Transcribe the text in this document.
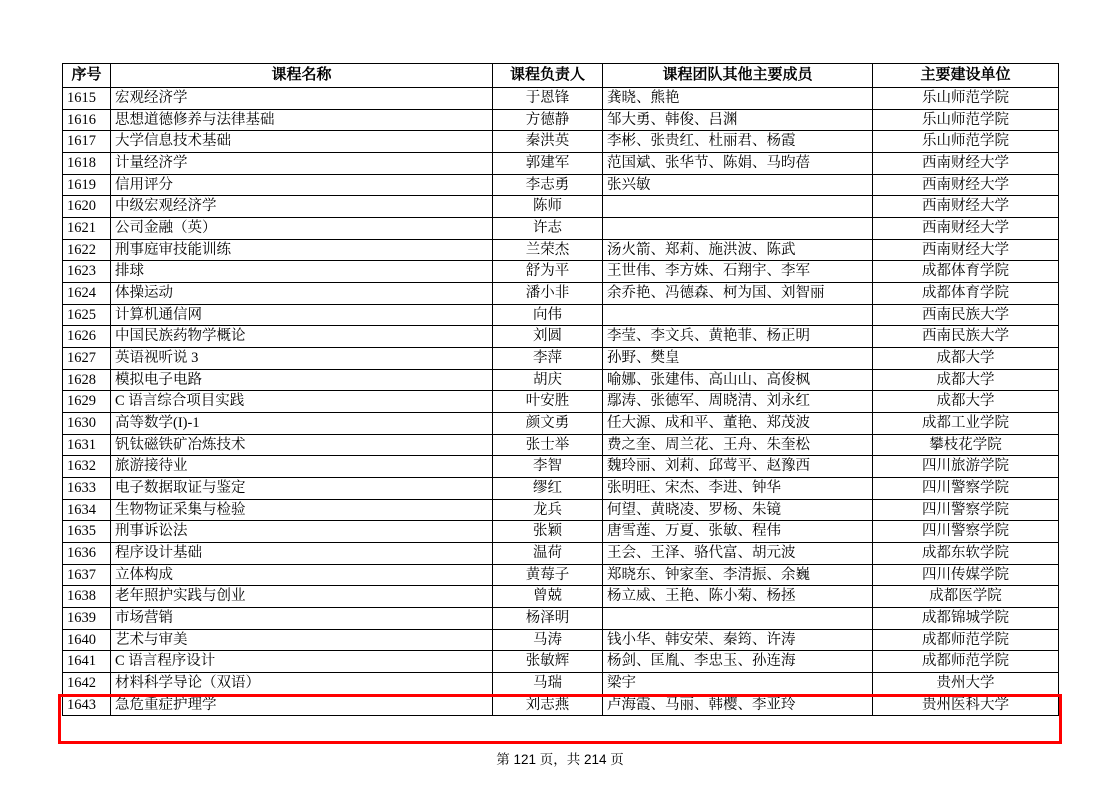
序号	课程名称	课程负责人	课程团队其他主要成员	主要建设单位
1615	宏观经济学	于恩锋	龚晓、熊艳	乐山师范学院
1616	思想道德修养与法律基础	方德静	邹大勇、韩俊、吕渊	乐山师范学院
1617	大学信息技术基础	秦洪英	李彬、张贵红、杜丽君、杨霞	乐山师范学院
1618	计量经济学	郭建军	范国斌、张华节、陈娟、马昀蓓	西南财经大学
1619	信用评分	李志勇	张兴敏	西南财经大学
1620	中级宏观经济学	陈师		西南财经大学
1621	公司金融（英）	许志		西南财经大学
1622	刑事庭审技能训练	兰荣杰	汤火箭、郑莉、施洪波、陈武	西南财经大学
1623	排球	舒为平	王世伟、李方姝、石翔宇、李军	成都体育学院
1624	体操运动	潘小非	余乔艳、冯德森、柯为国、刘智丽	成都体育学院
1625	计算机通信网	向伟		西南民族大学
1626	中国民族药物学概论	刘圆	李莹、李文兵、黄艳菲、杨正明	西南民族大学
1627	英语视听说 3	李萍	孙野、樊皇	成都大学
1628	模拟电子电路	胡庆	喻娜、张建伟、高山山、高俊枫	成都大学
1629	C 语言综合项目实践	叶安胜	鄢涛、张德军、周晓清、刘永红	成都大学
1630	高等数学(I)-1	颜文勇	任大源、成和平、董艳、郑茂波	成都工业学院
1631	钒钛磁铁矿冶炼技术	张士举	费之奎、周兰花、王舟、朱奎松	攀枝花学院
1632	旅游接待业	李智	魏玲丽、刘莉、邱莺平、赵豫西	四川旅游学院
1633	电子数据取证与鉴定	缪红	张明旺、宋杰、李进、钟华	四川警察学院
1634	生物物证采集与检验	龙兵	何望、黄晓凌、罗杨、朱镜	四川警察学院
1635	刑事诉讼法	张颖	唐雪莲、万夏、张敏、程伟	四川警察学院
1636	程序设计基础	温荷	王会、王泽、骆代富、胡元波	成都东软学院
1637	立体构成	黄莓子	郑晓东、钟家奎、李清振、余巍	四川传媒学院
1638	老年照护实践与创业	曾兢	杨立威、王艳、陈小菊、杨拯	成都医学院
1639	市场营销	杨泽明		成都锦城学院
1640	艺术与审美	马涛	钱小华、韩安荣、秦筠、许涛	成都师范学院
1641	C 语言程序设计	张敏辉	杨剑、匡胤、李忠玉、孙连海	成都师范学院
1642	材料科学导论（双语）	马瑞	梁宇	贵州大学
1643	急危重症护理学	刘志燕	卢海霞、马丽、韩樱、李亚玲	贵州医科大学
第 121 页，共 214 页
